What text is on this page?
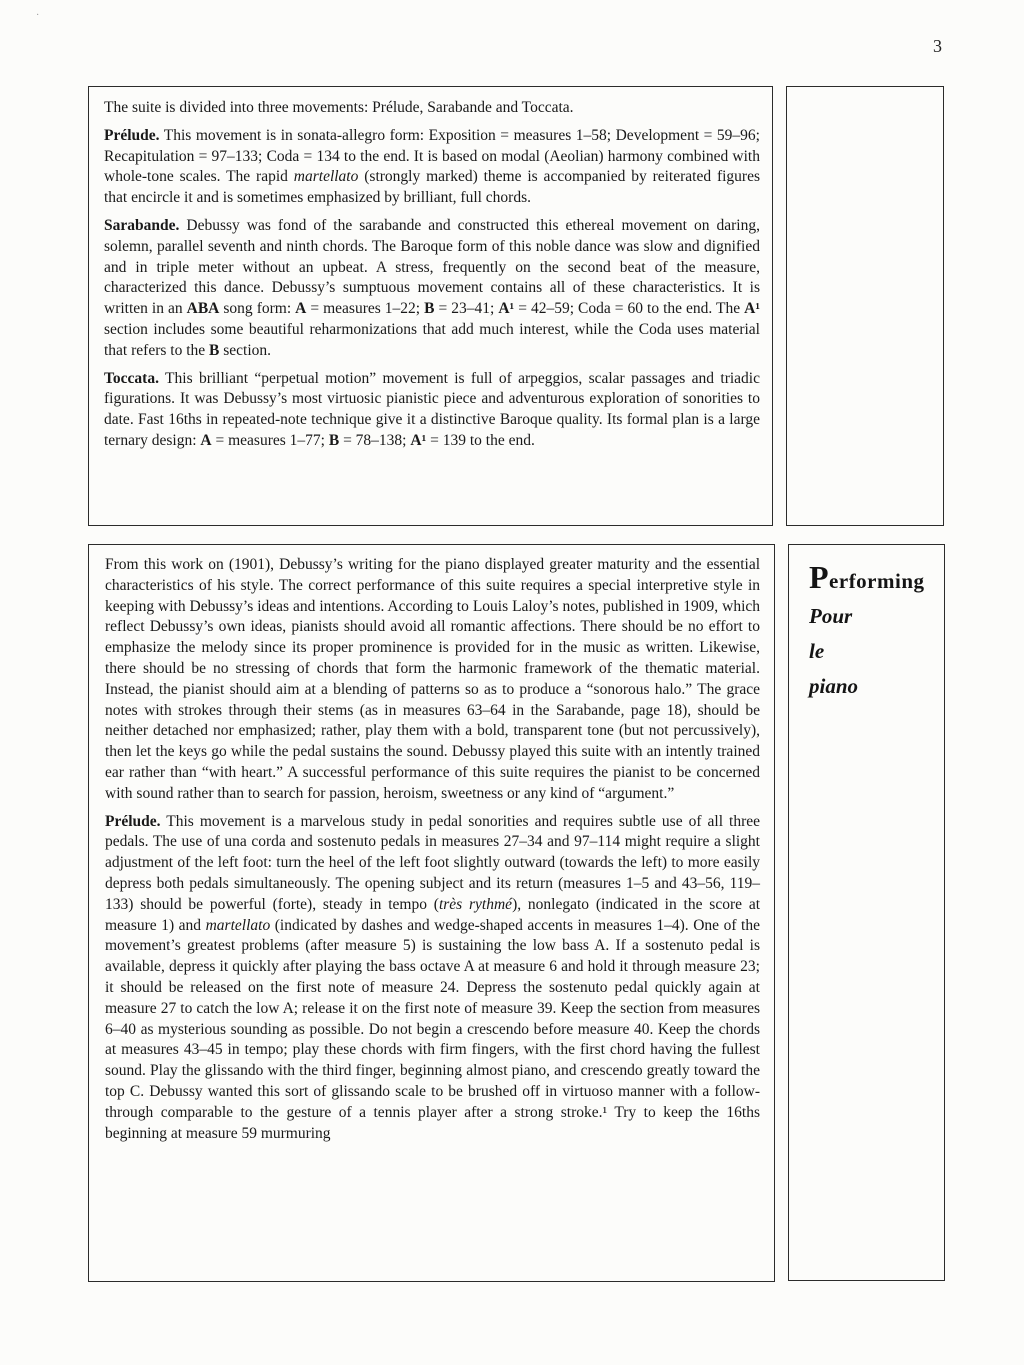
·
3

The suite is divided into three movements: Prélude, Sarabande and Toccata.

Prélude. This movement is in sonata-allegro form: Exposition = measures 1–58; Development = 59–96; Recapitulation = 97–133; Coda = 134 to the end. It is based on modal (Aeolian) harmony combined with whole-tone scales. The rapid martellato (strongly marked) theme is accompanied by reiterated figures that encircle it and is sometimes emphasized by brilliant, full chords.

Sarabande. Debussy was fond of the sarabande and constructed this ethereal movement on daring, solemn, parallel seventh and ninth chords. The Baroque form of this noble dance was slow and dignified and in triple meter without an upbeat. A stress, frequently on the second beat of the measure, characterized this dance. Debussy’s sumptuous movement contains all of these characteristics. It is written in an ABA song form: A = measures 1–22; B = 23–41; A¹ = 42–59; Coda = 60 to the end. The A¹ section includes some beautiful reharmonizations that add much interest, while the Coda uses material that refers to the B section.

Toccata. This brilliant “perpetual motion” movement is full of arpeggios, scalar passages and triadic figurations. It was Debussy’s most virtuosic pianistic piece and adventurous exploration of sonorities to date. Fast 16ths in repeated-note technique give it a distinctive Baroque quality. Its formal plan is a large ternary design: A = measures 1–77; B = 78–138; A¹ = 139 to the end.

From this work on (1901), Debussy’s writing for the piano displayed greater maturity and the essential characteristics of his style. The correct performance of this suite requires a special interpretive style in keeping with Debussy’s ideas and intentions. According to Louis Laloy’s notes, published in 1909, which reflect Debussy’s own ideas, pianists should avoid all romantic affections. There should be no effort to emphasize the melody since its proper prominence is provided for in the music as written. Likewise, there should be no stressing of chords that form the harmonic framework of the thematic material. Instead, the pianist should aim at a blending of patterns so as to produce a “sonorous halo.” The grace notes with strokes through their stems (as in measures 63–64 in the Sarabande, page 18), should be neither detached nor emphasized; rather, play them with a bold, transparent tone (but not percussively), then let the keys go while the pedal sustains the sound. Debussy played this suite with an intently trained ear rather than “with heart.” A successful performance of this suite requires the pianist to be concerned with sound rather than to search for passion, heroism, sweetness or any kind of “argument.”

Prélude. This movement is a marvelous study in pedal sonorities and requires subtle use of all three pedals. The use of una corda and sostenuto pedals in measures 27–34 and 97–114 might require a slight adjustment of the left foot: turn the heel of the left foot slightly outward (towards the left) to more easily depress both pedals simultaneously. The opening subject and its return (measures 1–5 and 43–56, 119–133) should be powerful (forte), steady in tempo (très rythmé), nonlegato (indicated in the score at measure 1) and martellato (indicated by dashes and wedge-shaped accents in measures 1–4). One of the movement’s greatest problems (after measure 5) is sustaining the low bass A. If a sostenuto pedal is available, depress it quickly after playing the bass octave A at measure 6 and hold it through measure 23; it should be released on the first note of measure 24. Depress the sostenuto pedal quickly again at measure 27 to catch the low A; release it on the first note of measure 39. Keep the section from measures 6–40 as mysterious sounding as possible. Do not begin a crescendo before measure 40. Keep the chords at measures 43–45 in tempo; play these chords with firm fingers, with the first chord having the fullest sound. Play the glissando with the third finger, beginning almost piano, and crescendo greatly toward the top C. Debussy wanted this sort of glissando scale to be brushed off in virtuoso manner with a follow-through comparable to the gesture of a tennis player after a strong stroke.¹ Try to keep the 16ths beginning at measure 59 murmuring

Performing
Pour
le
piano
